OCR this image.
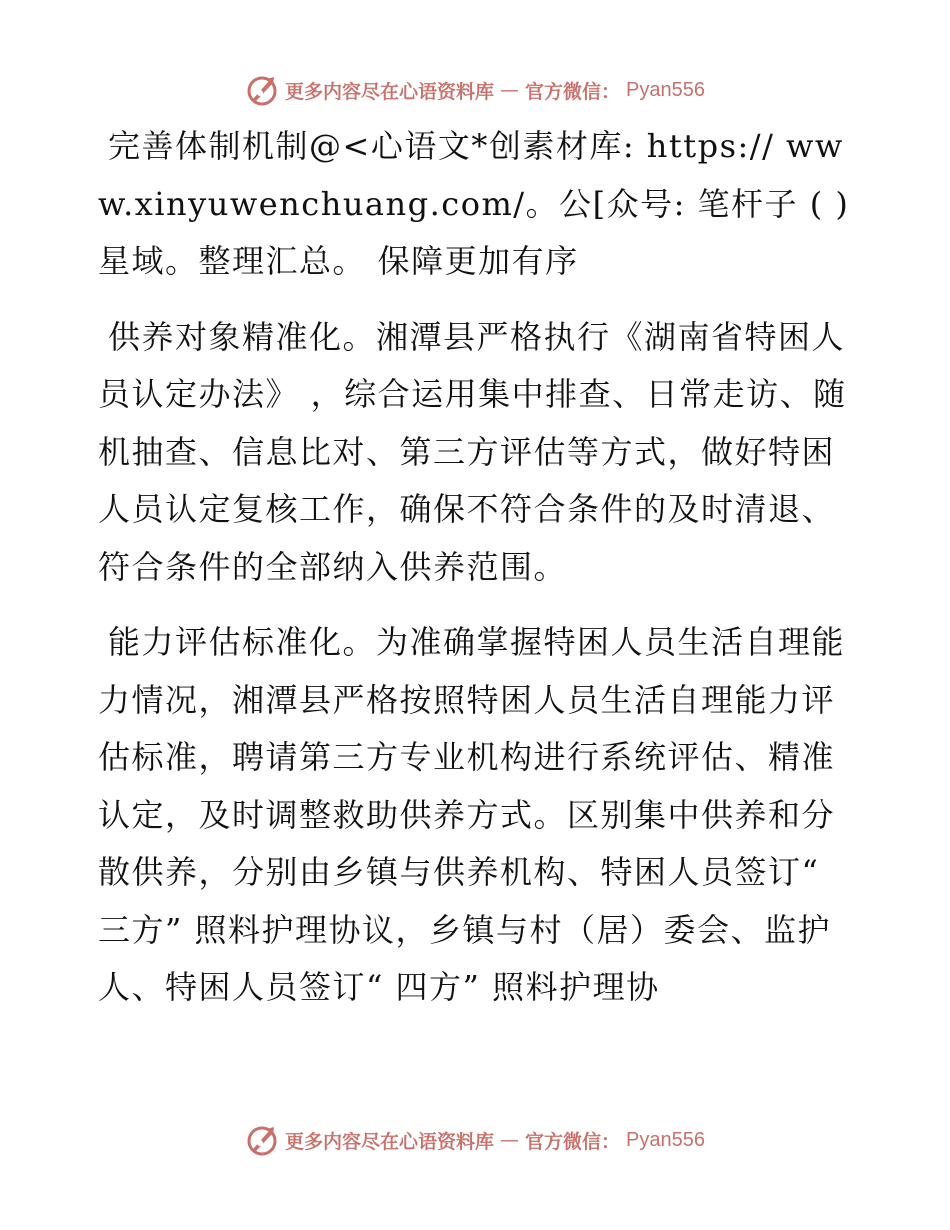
更多内容尽在心语资料库 — 官方微信： Pyan556

完善体制机制@<心语文*创素材库: https:// www.xinyuwenchuang.com/。公[众号: 笔杆子 ( ) 星域。整理汇总。 保障更加有序

供养对象精准化。湘潭县严格执行《湖南省特困人员认定办法》 ，综合运用集中排查、日常走访、随机抽查、信息比对、第三方评估等方式，做好特困人员认定复核工作，确保不符合条件的及时清退、符合条件的全部纳入供养范围。

能力评估标准化。为准确掌握特困人员生活自理能力情况，湘潭县严格按照特困人员生活自理能力评估标准，聘请第三方专业机构进行系统评估、精准认定，及时调整救助供养方式。区别集中供养和分散供养，分别由乡镇与供养机构、特困人员签订“ 三方” 照料护理协议，乡镇与村（居）委会、监护人、特困人员签订“ 四方” 照料护理协

更多内容尽在心语资料库 — 官方微信： Pyan556
